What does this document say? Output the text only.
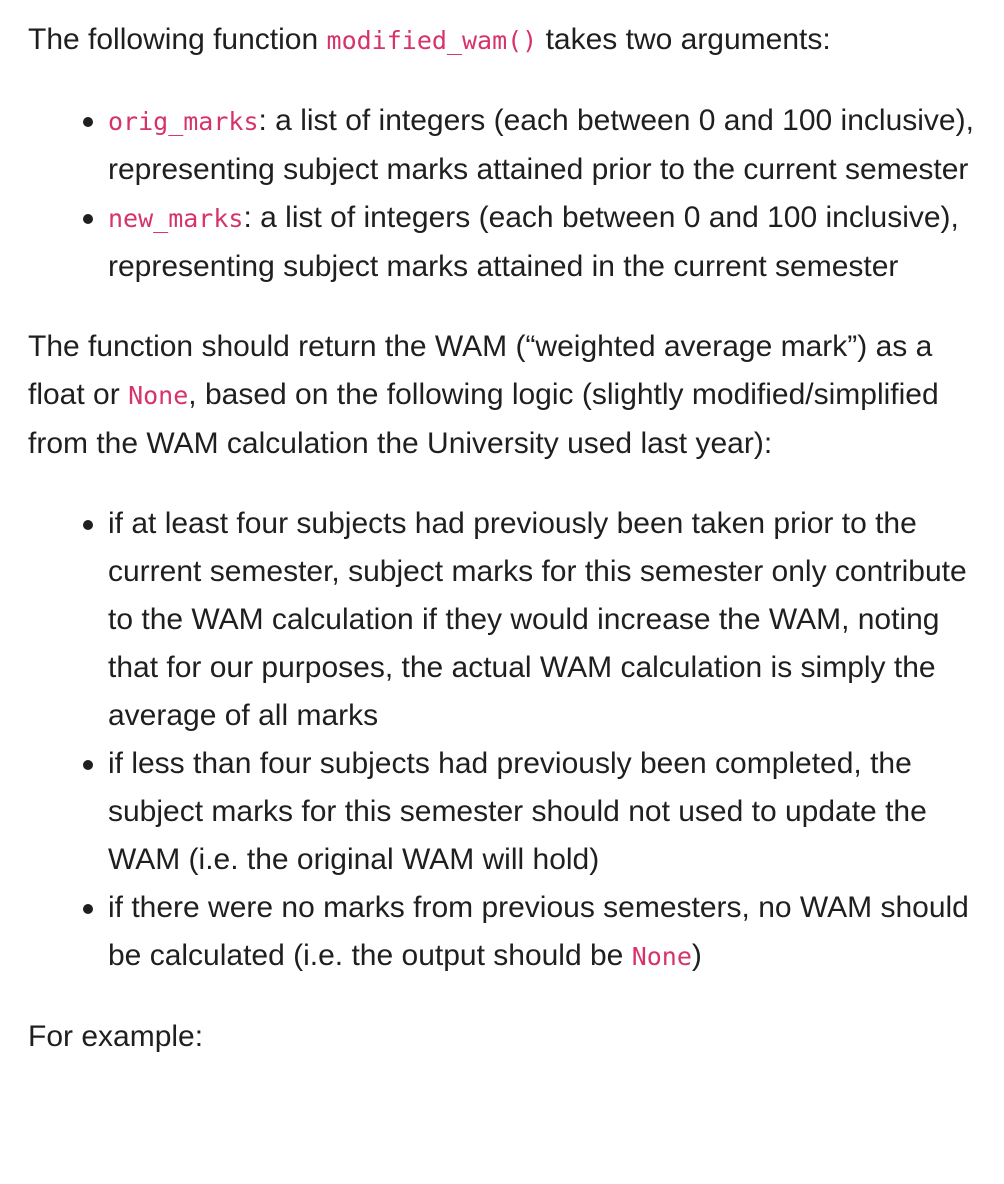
The following function modified_wam() takes two arguments:

orig_marks: a list of integers (each between 0 and 100 inclusive), representing subject marks attained prior to the current semester
new_marks: a list of integers (each between 0 and 100 inclusive), representing subject marks attained in the current semester

The function should return the WAM (“weighted average mark”) as a float or None, based on the following logic (slightly modified/simplified from the WAM calculation the University used last year):

if at least four subjects had previously been taken prior to the current semester, subject marks for this semester only contribute to the WAM calculation if they would increase the WAM, noting that for our purposes, the actual WAM calculation is simply the average of all marks
if less than four subjects had previously been completed, the subject marks for this semester should not used to update the WAM (i.e. the original WAM will hold)
if there were no marks from previous semesters, no WAM should be calculated (i.e. the output should be None)

For example:
